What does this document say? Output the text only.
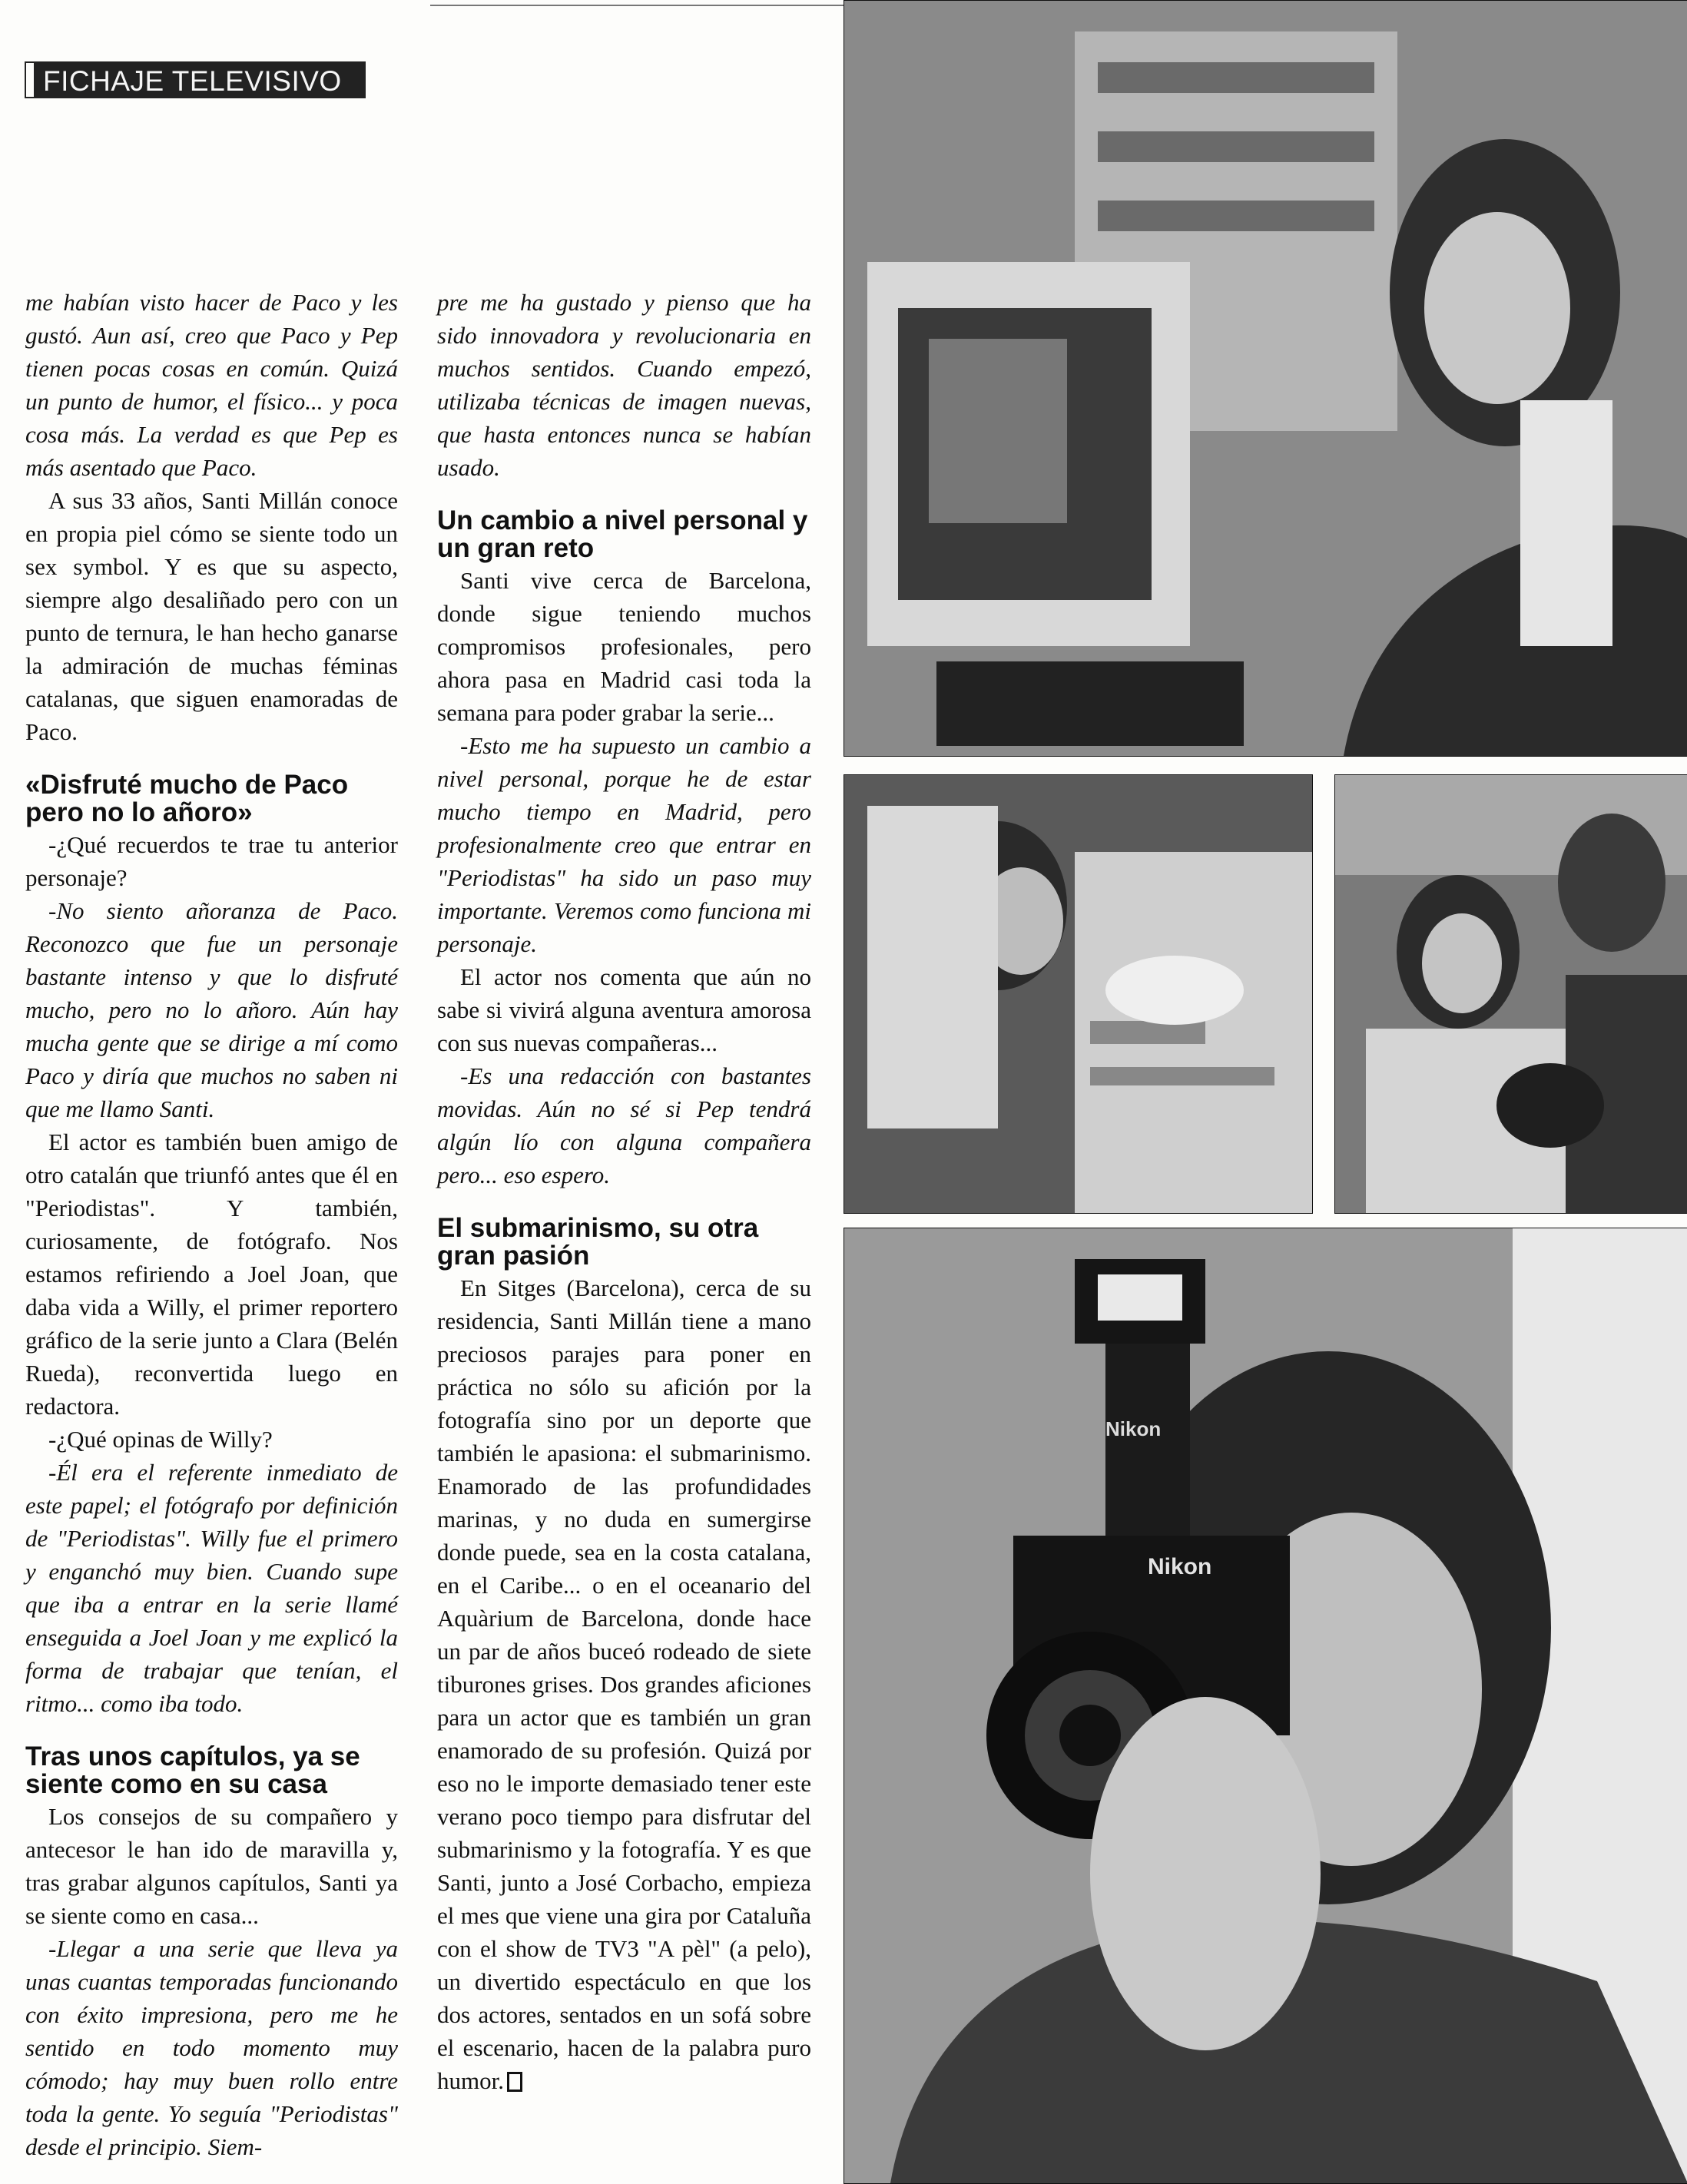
FICHAJE TELEVISIVO

me habían visto hacer de Paco y les gustó. Aun así, creo que Paco y Pep tienen pocas cosas en común. Quizá un punto de humor, el físico... y poca cosa más. La verdad es que Pep es más asentado que Paco.

A sus 33 años, Santi Millán conoce en propia piel cómo se siente todo un sex symbol. Y es que su aspecto, siempre algo desaliñado pero con un punto de ternura, le han hecho ganarse la admiración de muchas féminas catalanas, que siguen enamoradas de Paco.

«Disfruté mucho de Paco pero no lo añoro»

-¿Qué recuerdos te trae tu anterior personaje?

-No siento añoranza de Paco. Reconozco que fue un personaje bastante intenso y que lo disfruté mucho, pero no lo añoro. Aún hay mucha gente que se dirige a mí como Paco y diría que muchos no saben ni que me llamo Santi.

El actor es también buen amigo de otro catalán que triunfó antes que él en "Periodistas". Y también, curiosamente, de fotógrafo. Nos estamos refiriendo a Joel Joan, que daba vida a Willy, el primer reportero gráfico de la serie junto a Clara (Belén Rueda), reconvertida luego en redactora.

-¿Qué opinas de Willy?

-Él era el referente inmediato de este papel; el fotógrafo por definición de "Periodistas". Willy fue el primero y enganchó muy bien. Cuando supe que iba a entrar en la serie llamé enseguida a Joel Joan y me explicó la forma de trabajar que tenían, el ritmo... como iba todo.

Tras unos capítulos, ya se siente como en su casa

Los consejos de su compañero y antecesor le han ido de maravilla y, tras grabar algunos capítulos, Santi ya se siente como en casa...

-Llegar a una serie que lleva ya unas cuantas temporadas funcionando con éxito impresiona, pero me he sentido en todo momento muy cómodo; hay muy buen rollo entre toda la gente. Yo seguía "Periodistas" desde el principio. Siem-

pre me ha gustado y pienso que ha sido innovadora y revolucionaria en muchos sentidos. Cuando empezó, utilizaba técnicas de imagen nuevas, que hasta entonces nunca se habían usado.

Un cambio a nivel personal y un gran reto

Santi vive cerca de Barcelona, donde sigue teniendo muchos compromisos profesionales, pero ahora pasa en Madrid casi toda la semana para poder grabar la serie...

-Esto me ha supuesto un cambio a nivel personal, porque he de estar mucho tiempo en Madrid, pero profesionalmente creo que entrar en "Periodistas" ha sido un paso muy importante. Veremos como funciona mi personaje.

El actor nos comenta que aún no sabe si vivirá alguna aventura amorosa con sus nuevas compañeras...

-Es una redacción con bastantes movidas. Aún no sé si Pep tendrá algún lío con alguna compañera pero... eso espero.

El submarinismo, su otra gran pasión

En Sitges (Barcelona), cerca de su residencia, Santi Millán tiene a mano preciosos parajes para poner en práctica no sólo su afición por la fotografía sino por un deporte que también le apasiona: el submarinismo. Enamorado de las profundidades marinas, y no duda en sumergirse donde puede, sea en la costa catalana, en el Caribe... o en el oceanario del Aquàrium de Barcelona, donde hace un par de años buceó rodeado de siete tiburones grises. Dos grandes aficiones para un actor que es también un gran enamorado de su profesión. Quizá por eso no le importe demasiado tener este verano poco tiempo para disfrutar del submarinismo y la fotografía. Y es que Santi, junto a José Corbacho, empieza el mes que viene una gira por Cataluña con el show de TV3 "A pèl" (a pelo), un divertido espectáculo en que los dos actores, sentados en un sofá sobre el escenario, hacen de la palabra puro humor.

Nikon
Nikon
